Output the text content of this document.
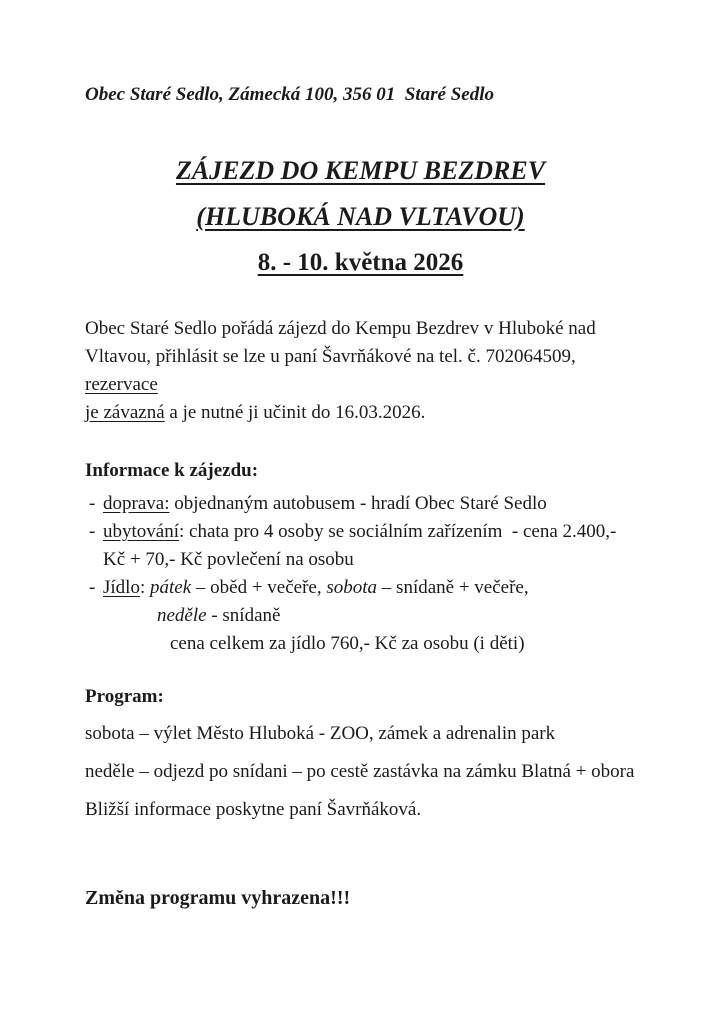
Obec Staré Sedlo, Zámecká 100, 356 01  Staré Sedlo
ZÁJEZD DO KEMPU BEZDREV
(HLUBOKÁ NAD VLTAVOU)
8. - 10. května 2026
Obec Staré Sedlo pořádá zájezd do Kempu Bezdrev v Hluboké nad
Vltavou, přihlásit se lze u paní Šavrňákové na tel. č. 702064509, rezervace
je závazná a je nutné ji učinit do 16.03.2026.
Informace k zájezdu:
- doprava: objednaným autobusem - hradí Obec Staré Sedlo
- ubytování: chata pro 4 osoby se sociálním zařízením  - cena 2.400,-
Kč + 70,- Kč povlečení na osobu
- Jídlo: pátek – oběd + večeře, sobota – snídaně + večeře,
neděle - snídaně
cena celkem za jídlo 760,- Kč za osobu (i děti)
Program:
sobota – výlet Město Hluboká - ZOO, zámek a adrenalin park
neděle – odjezd po snídani – po cestě zastávka na zámku Blatná + obora
Bližší informace poskytne paní Šavrňáková.
Změna programu vyhrazena!!!
